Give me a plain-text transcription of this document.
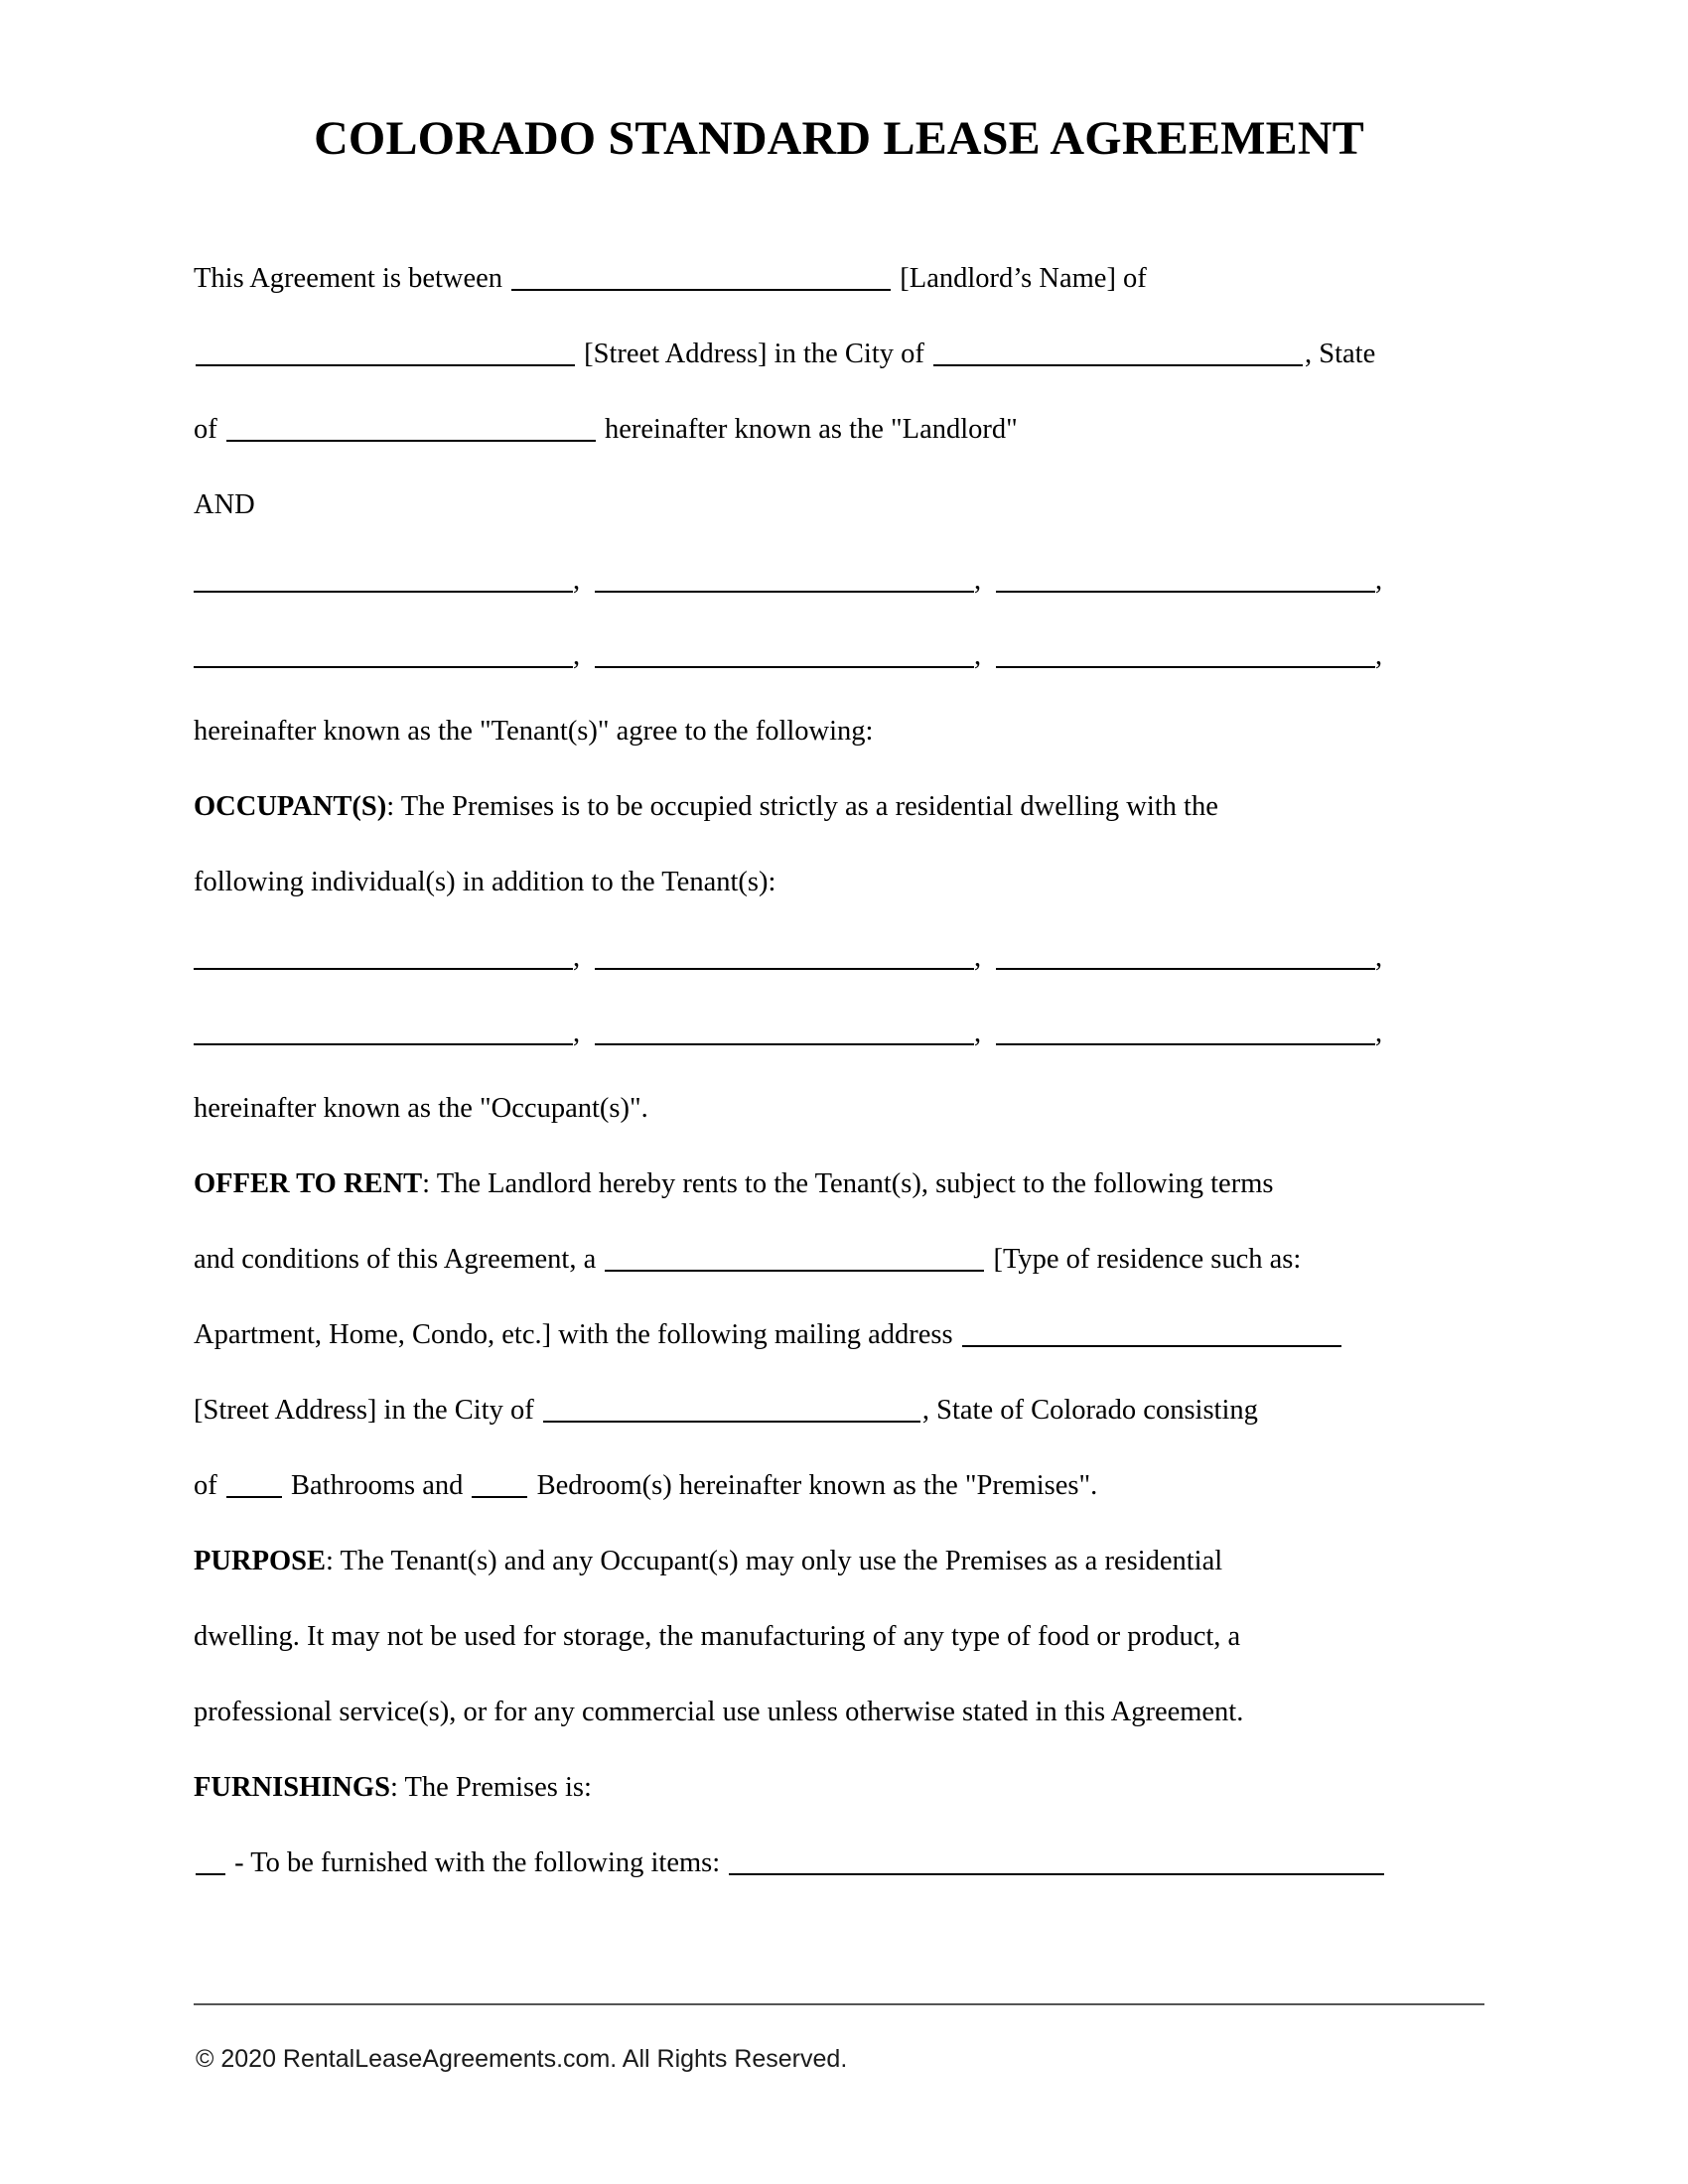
COLORADO STANDARD LEASE AGREEMENT

This Agreement is between	[Landlord’s Name] of

[Street Address] in the City of	, State

of	hereinafter known as the "Landlord"

AND

,	,	,

,	,	,

hereinafter known as the "Tenant(s)" agree to the following:

OCCUPANT(S): The Premises is to be occupied strictly as a residential dwelling with the

following individual(s) in addition to the Tenant(s):

,	,	,

,	,	,

hereinafter known as the "Occupant(s)".

OFFER TO RENT: The Landlord hereby rents to the Tenant(s), subject to the following terms

and conditions of this Agreement, a	[Type of residence such as:

Apartment, Home, Condo, etc.] with the following mailing address

[Street Address] in the City of	, State of Colorado consisting

of	Bathrooms and	Bedroom(s) hereinafter known as the "Premises".

PURPOSE: The Tenant(s) and any Occupant(s) may only use the Premises as a residential

dwelling. It may not be used for storage, the manufacturing of any type of food or product, a

professional service(s), or for any commercial use unless otherwise stated in this Agreement.

FURNISHINGS: The Premises is:

- To be furnished with the following items:

© 2020 RentalLeaseAgreements.com. All Rights Reserved.
